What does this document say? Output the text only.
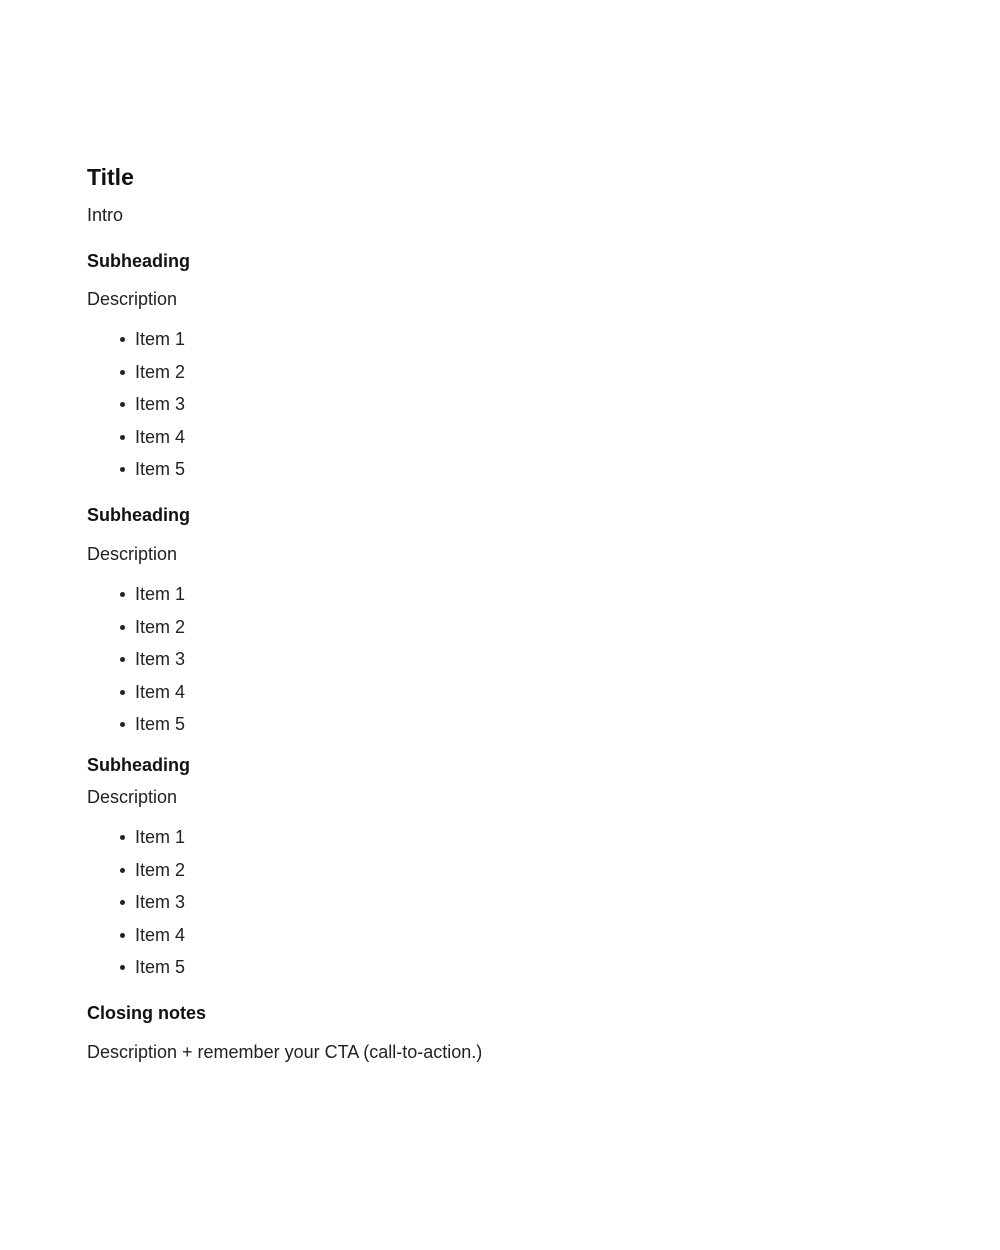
Title

Intro

Subheading

Description

Item 1
Item 2
Item 3
Item 4
Item 5
Subheading

Description

Item 1
Item 2
Item 3
Item 4
Item 5
Subheading

Description

Item 1
Item 2
Item 3
Item 4
Item 5
Closing notes

Description + remember your CTA (call-to-action.)
